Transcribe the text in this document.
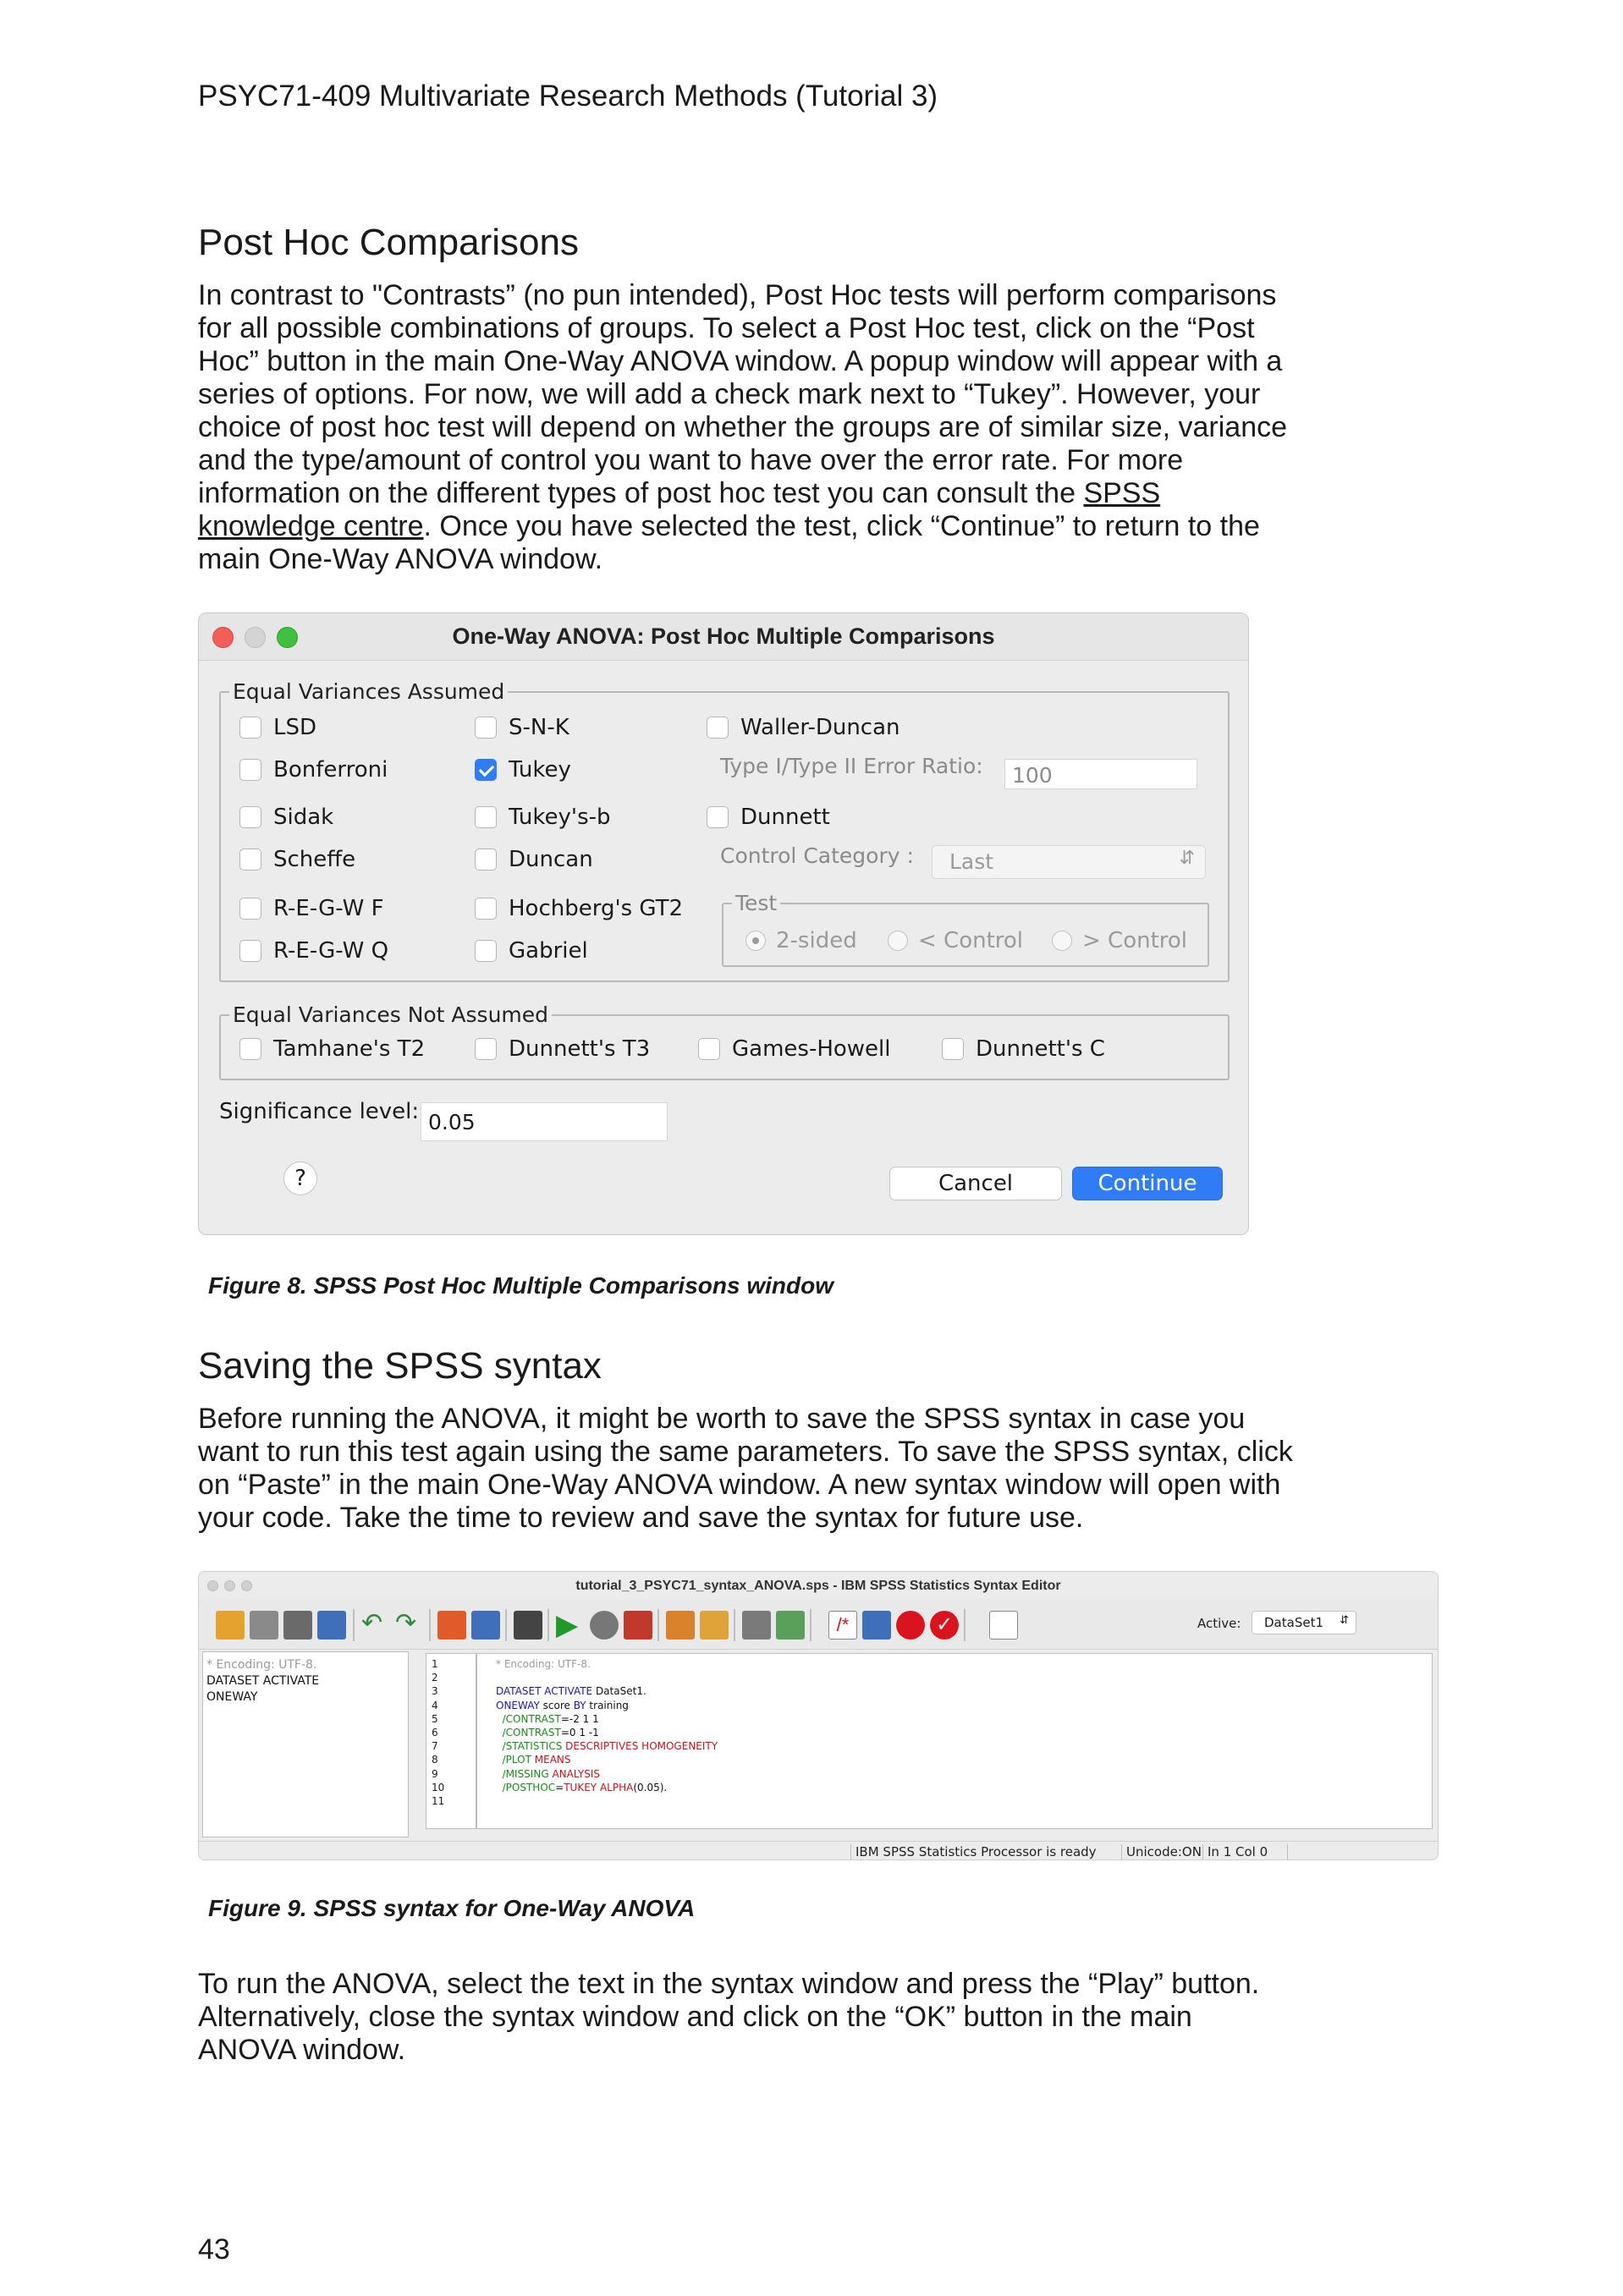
PSYC71-409 Multivariate Research Methods (Tutorial 3)
Post Hoc Comparisons
In contrast to "Contrasts” (no pun intended), Post Hoc tests will perform comparisons
for all possible combinations of groups. To select a Post Hoc test, click on the “Post
Hoc” button in the main One-Way ANOVA window. A popup window will appear with a
series of options. For now, we will add a check mark next to “Tukey”. However, your
choice of post hoc test will depend on whether the groups are of similar size, variance
and the type/amount of control you want to have over the error rate. For more
information on the different types of post hoc test you can consult the SPSS
knowledge centre. Once you have selected the test, click “Continue” to return to the
main One-Way ANOVA window.
One-Way ANOVA: Post Hoc Multiple Comparisons
Equal Variances Assumed
LSD
Bonferroni
Sidak
Scheffe
R-E-G-W F
R-E-G-W Q
S-N-K
Tukey
Tukey's-b
Duncan
Hochberg's GT2
Gabriel
Waller-Duncan
Type I/Type II Error Ratio:	100
Dunnett
Control Category :	Last	⇵
Test
2-sided	< Control	> Control
Equal Variances Not Assumed
Tamhane's T2	Dunnett's T3	Games-Howell	Dunnett's C
Significance level: 0.05
?	Cancel	Continue
Figure 8. SPSS Post Hoc Multiple Comparisons window
Saving the SPSS syntax
Before running the ANOVA, it might be worth to save the SPSS syntax in case you
want to run this test again using the same parameters. To save the SPSS syntax, click
on “Paste” in the main One-Way ANOVA window. A new syntax window will open with
your code. Take the time to review and save the syntax for future use.
tutorial_3_PSYC71_syntax_ANOVA.sps - IBM SPSS Statistics Syntax Editor
↶ ↷	▶	/*	✓	Active:	DataSet1 ⇵
* Encoding: UTF-8.
DATASET ACTIVATE
ONEWAY
1
2
3
4
5
6
7
8
9
10
11
* Encoding: UTF-8.

DATASET ACTIVATE DataSet1.
ONEWAY score BY training
/CONTRAST=-2 1 1
/CONTRAST=0 1 -1
/STATISTICS DESCRIPTIVES HOMOGENEITY
/PLOT MEANS
/MISSING ANALYSIS
/POSTHOC=TUKEY ALPHA(0.05).

IBM SPSS Statistics Processor is ready Unicode:ON In 1 Col 0
Figure 9. SPSS syntax for One-Way ANOVA
To run the ANOVA, select the text in the syntax window and press the “Play” button.
Alternatively, close the syntax window and click on the “OK” button in the main
ANOVA window.
43
